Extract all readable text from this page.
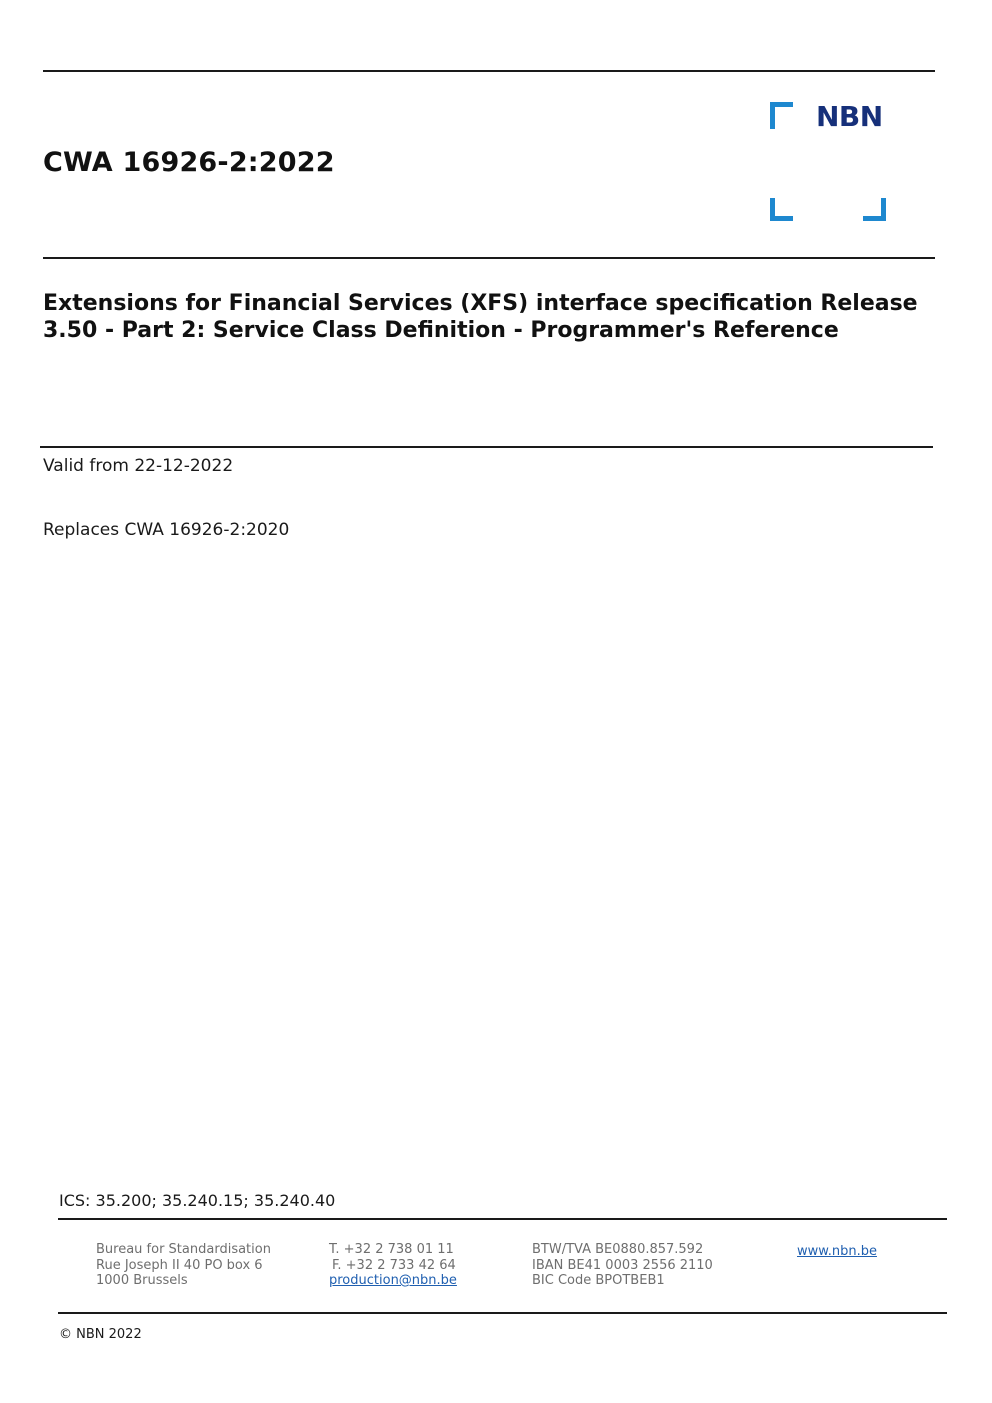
CWA 16926-2:2022
NBN
Extensions for Financial Services (XFS) interface specification Release 3.50 - Part 2: Service Class Definition - Programmer's Reference
Valid from 22-12-2022
Replaces CWA 16926-2:2020
ICS: 35.200; 35.240.15; 35.240.40
Bureau for Standardisation
Rue Joseph II 40 PO box 6
1000 Brussels
T. +32 2 738 01 11
F. +32 2 733 42 64
production@nbn.be
BTW/TVA BE0880.857.592
IBAN BE41 0003 2556 2110
BIC Code BPOTBEB1
www.nbn.be
© NBN 2022
